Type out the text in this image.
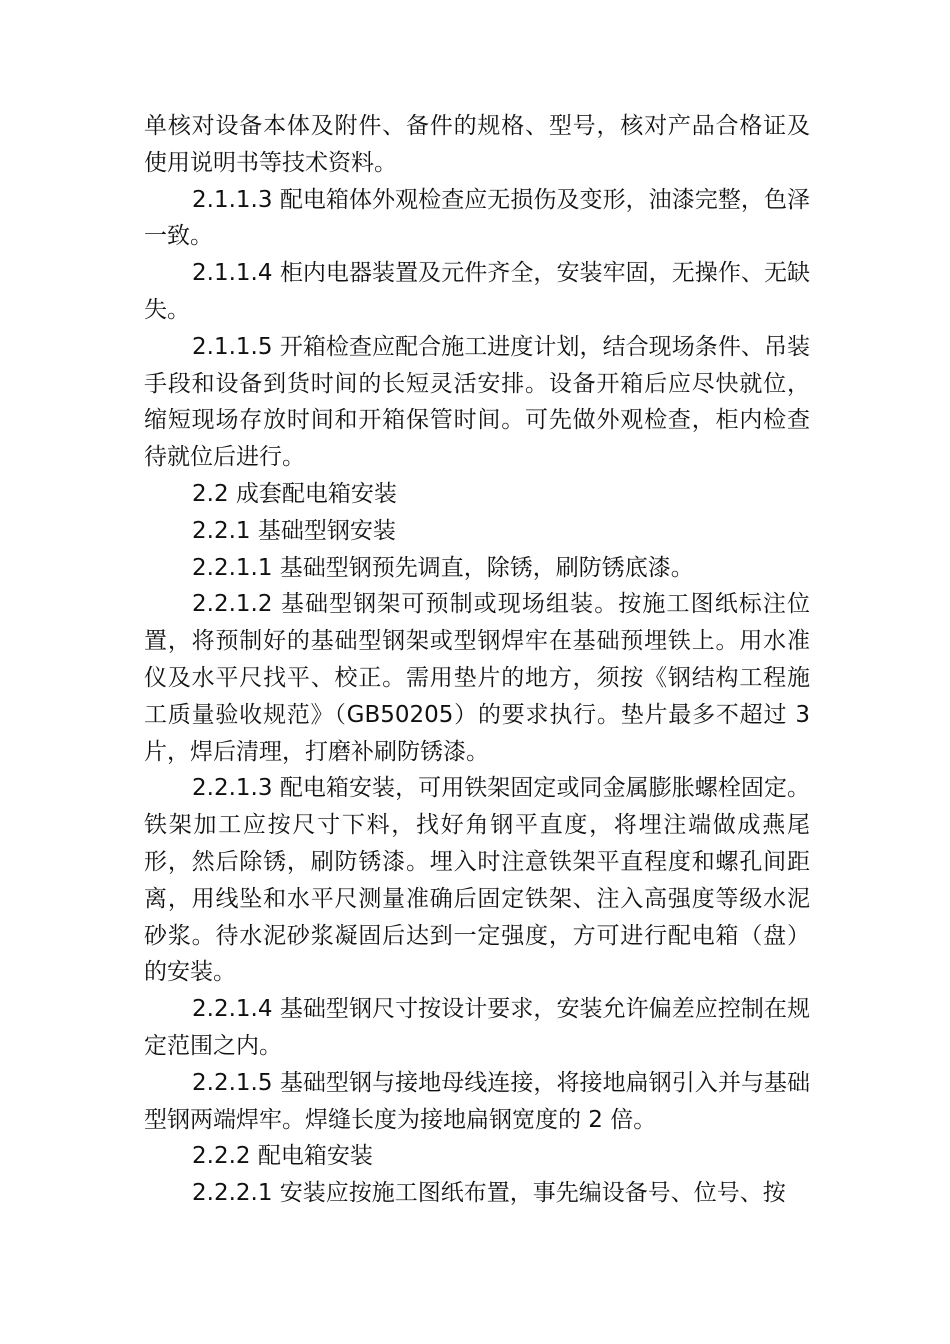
单核对设备本体及附件、备件的规格、型号，核对产品合格证及使用说明书等技术资料。

2.1.1.3 配电箱体外观检查应无损伤及变形，油漆完整，色泽一致。

2.1.1.4 柜内电器装置及元件齐全，安装牢固，无操作、无缺失。

2.1.1.5 开箱检查应配合施工进度计划，结合现场条件、吊装手段和设备到货时间的长短灵活安排。设备开箱后应尽快就位，缩短现场存放时间和开箱保管时间。可先做外观检查，柜内检查待就位后进行。

2.2 成套配电箱安装

2.2.1 基础型钢安装

2.2.1.1 基础型钢预先调直，除锈，刷防锈底漆。

2.2.1.2 基础型钢架可预制或现场组装。按施工图纸标注位置，将预制好的基础型钢架或型钢焊牢在基础预埋铁上。用水准仪及水平尺找平、校正。需用垫片的地方，须按《钢结构工程施工质量验收规范》（GB50205）的要求执行。垫片最多不超过 3 片，焊后清理，打磨补刷防锈漆。

2.2.1.3 配电箱安装，可用铁架固定或同金属膨胀螺栓固定。铁架加工应按尺寸下料，找好角钢平直度，将埋注端做成燕尾形，然后除锈，刷防锈漆。埋入时注意铁架平直程度和螺孔间距离，用线坠和水平尺测量准确后固定铁架、注入高强度等级水泥砂浆。待水泥砂浆凝固后达到一定强度，方可进行配电箱（盘）的安装。

2.2.1.4 基础型钢尺寸按设计要求，安装允许偏差应控制在规定范围之内。

2.2.1.5 基础型钢与接地母线连接，将接地扁钢引入并与基础型钢两端焊牢。焊缝长度为接地扁钢宽度的 2 倍。

2.2.2 配电箱安装

2.2.2.1 安装应按施工图纸布置，事先编设备号、位号、按
